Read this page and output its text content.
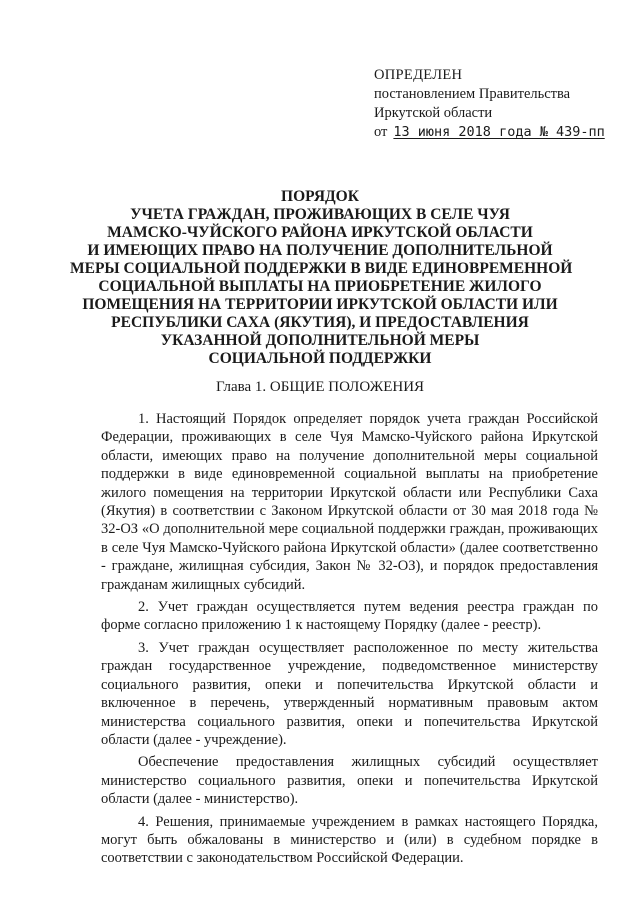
ОПРЕДЕЛЕН
постановлением Правительства
Иркутской области
от 13 июня 2018 года № 439-пп
ПОРЯДОК
УЧЕТА ГРАЖДАН, ПРОЖИВАЮЩИХ В СЕЛЕ ЧУЯ
МАМСКО-ЧУЙСКОГО РАЙОНА ИРКУТСКОЙ ОБЛАСТИ
И ИМЕЮЩИХ ПРАВО НА ПОЛУЧЕНИЕ ДОПОЛНИТЕЛЬНОЙ
МЕРЫ СОЦИАЛЬНОЙ ПОДДЕРЖКИ В ВИДЕ ЕДИНОВРЕМЕННОЙ
СОЦИАЛЬНОЙ ВЫПЛАТЫ НА ПРИОБРЕТЕНИЕ ЖИЛОГО
ПОМЕЩЕНИЯ НА ТЕРРИТОРИИ ИРКУТСКОЙ ОБЛАСТИ ИЛИ
РЕСПУБЛИКИ САХА (ЯКУТИЯ), И ПРЕДОСТАВЛЕНИЯ
УКАЗАННОЙ ДОПОЛНИТЕЛЬНОЙ МЕРЫ
СОЦИАЛЬНОЙ ПОДДЕРЖКИ
Глава 1. ОБЩИЕ ПОЛОЖЕНИЯ

1. Настоящий Порядок определяет порядок учета граждан Российской Федерации, проживающих в селе Чуя Мамско-Чуйского района Иркутской области, имеющих право на получение дополнительной меры социальной поддержки в виде единовременной социальной выплаты на приобретение жилого помещения на территории Иркутской области или Республики Саха (Якутия) в соответствии с Законом Иркутской области от 30 мая 2018 года № 32-ОЗ «О дополнительной мере социальной поддержки граждан, проживающих в селе Чуя Мамско-Чуйского района Иркутской области» (далее соответственно - граждане, жилищная субсидия, Закон № 32-ОЗ), и порядок предоставления гражданам жилищных субсидий.

2. Учет граждан осуществляется путем ведения реестра граждан по форме согласно приложению 1 к настоящему Порядку (далее - реестр).

3. Учет граждан осуществляет расположенное по месту жительства граждан государственное учреждение, подведомственное министерству социального развития, опеки и попечительства Иркутской области и включенное в перечень, утвержденный нормативным правовым актом министерства социального развития, опеки и попечительства Иркутской области (далее - учреждение).

Обеспечение предоставления жилищных субсидий осуществляет министерство социального развития, опеки и попечительства Иркутской области (далее - министерство).

4. Решения, принимаемые учреждением в рамках настоящего Порядка, могут быть обжалованы в министерство и (или) в судебном порядке в соответствии с законодательством Российской Федерации.
